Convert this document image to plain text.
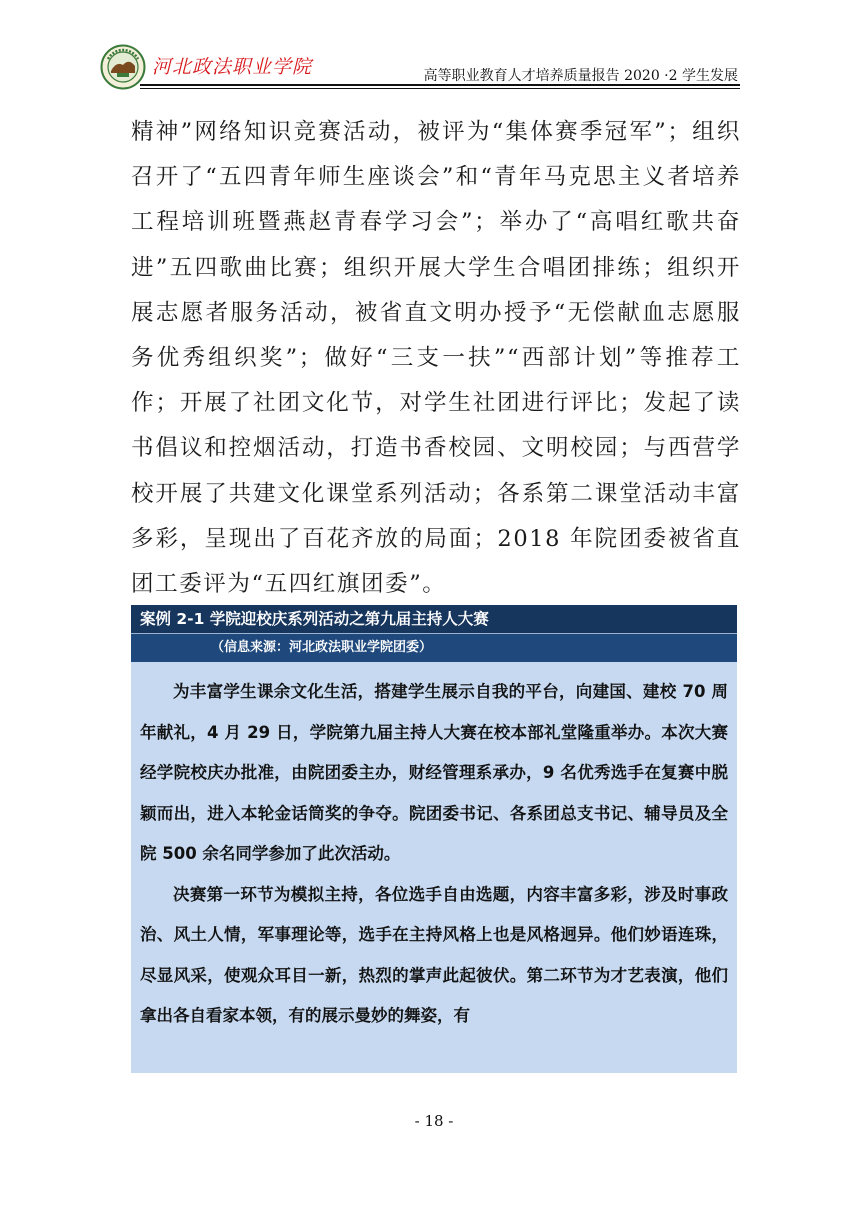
河北政法职业学院	高等职业教育人才培养质量报告 2020 ·2 学生发展

精神”网络知识竞赛活动，被评为“集体赛季冠军”；组织召开了“五四青年师生座谈会”和“青年马克思主义者培养工程培训班暨燕赵青春学习会”；举办了“高唱红歌共奋进”五四歌曲比赛；组织开展大学生合唱团排练；组织开展志愿者服务活动，被省直文明办授予“无偿献血志愿服务优秀组织奖”；做好“三支一扶”“西部计划”等推荐工作；开展了社团文化节，对学生社团进行评比；发起了读书倡议和控烟活动，打造书香校园、文明校园；与西营学校开展了共建文化课堂系列活动；各系第二课堂活动丰富多彩，呈现出了百花齐放的局面；2018 年院团委被省直团工委评为“五四红旗团委”。

案例 2-1 学院迎校庆系列活动之第九届主持人大赛
（信息来源：河北政法职业学院团委）

为丰富学生课余文化生活，搭建学生展示自我的平台，向建国、建校 70 周年献礼，4 月 29 日，学院第九届主持人大赛在校本部礼堂隆重举办。本次大赛经学院校庆办批准，由院团委主办，财经管理系承办，9 名优秀选手在复赛中脱颖而出，进入本轮金话筒奖的争夺。院团委书记、各系团总支书记、辅导员及全院 500 余名同学参加了此次活动。

决赛第一环节为模拟主持，各位选手自由选题，内容丰富多彩，涉及时事政治、风土人情，军事理论等，选手在主持风格上也是风格迥异。他们妙语连珠，尽显风采，使观众耳目一新，热烈的掌声此起彼伏。第二环节为才艺表演，他们拿出各自看家本领，有的展示曼妙的舞姿，有

- 18 -
